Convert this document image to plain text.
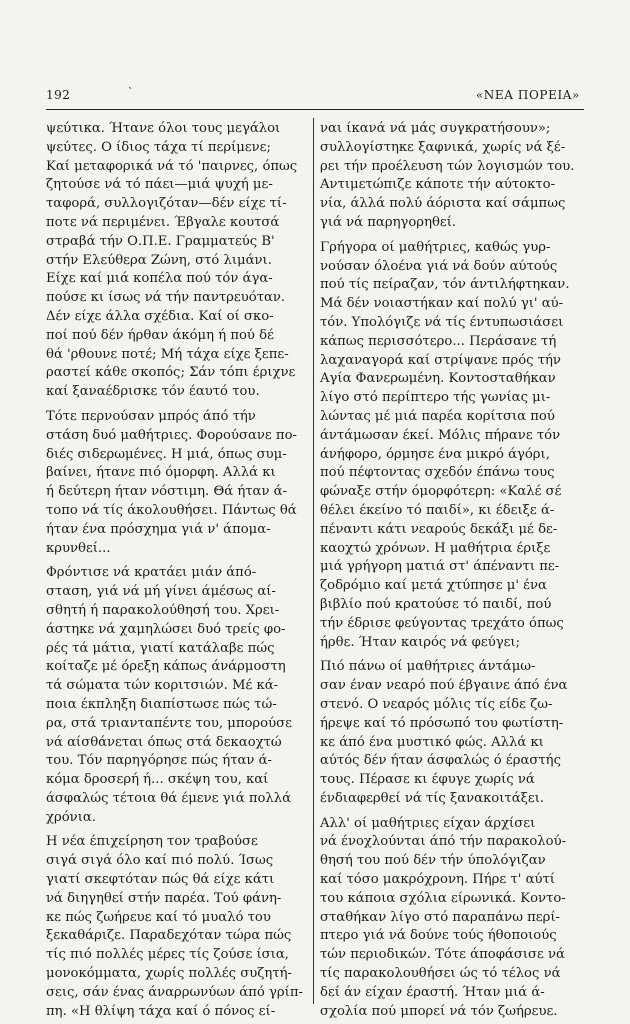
192	`	«ΝΕΑ ΠΟΡΕΙΑ»

ψεύτικα. Ήτανε όλοι τους μεγάλοι
ψεύτες. Ο ίδιος τάχα τί περίμενε;
Καί μεταφορικά νά τό 'παιρνες, όπως
ζητούσε νά τό πάει—μιά ψυχή με-
ταφορά, συλλογιζόταν—δέν είχε τί-
ποτε νά περιμένει. Έβγαλε κουτσά
στραβά τήν Ο.Π.Ε. Γραμματεύς Β'
στήν Ελεύθερα Ζώνη, στό λιμάνι.
Είχε καί μιά κοπέλα πού τόν άγα-
πούσε κι ίσως νά τήν παντρευόταν.
Δέν είχε άλλα σχέδια. Καί οί σκο-
ποί πού δέν ήρθαν άκόμη ή πού δέ
θά 'ρθουνε ποτέ; Μή τάχα είχε ξεπε-
ραστεί κάθε σκοπός; Σάν τόπι έριχνε
καί ξαναέδρισκε τόν έαυτό του.

Τότε περνούσαν μπρός άπό τήν
στάση δυό μαθήτριες. Φορούσανε πο-
διές σιδερωμένες. Η μιά, όπως συμ-
βαίνει, ήτανε πιό όμορφη. Αλλά κι
ή δεύτερη ήταν νόστιμη. Θά ήταν ά-
τοπο νά τίς άκολουθήσει. Πάντως θά
ήταν ένα πρόσχημα γιά ν' άπομα-
κρυνθεί...

Φρόντισε νά κρατάει μιάν άπό-
σταση, γιά νά μή γίνει άμέσως αί-
σθητή ή παρακολούθησή του. Χρει-
άστηκε νά χαμηλώσει δυό τρείς φο-
ρές τά μάτια, γιατί κατάλαβε πώς
κοίταζε μέ όρεξη κάπως άνάρμοστη
τά σώματα τών κοριτσιών. Μέ κά-
ποια έκπληξη διαπίστωσε πώς τώ-
ρα, στά τριανταπέντε του, μπορούσε
νά αίσθάνεται όπως στά δεκαοχτώ
του. Τόν παρηγόρησε πώς ήταν ά-
κόμα δροσερή ή... σκέψη του, καί
άσφαλώς τέτοια θά έμενε γιά πολλά
χρόνια.

Η νέα έπιχείρηση τον τραβούσε
σιγά σιγά όλο καί πιό πολύ. Ίσως
γιατί σκεφτόταν πώς θά είχε κάτι
νά διηγηθεί στήν παρέα. Τού φάνη-
κε πώς ζωήρευε καί τό μυαλό του
ξεκαθάριζε. Παραδεχόταν τώρα πώς
τίς πιό πολλές μέρες τίς ζούσε ίσια,
μονοκόμματα, χωρίς πολλές συζητή-
σεις, σάν ένας άναρρωνύων άπό γρίπ-
πη. «Η θλίψη τάχα καί ό πόνος εί-

ναι ίκανά νά μάς συγκρατήσουν»;
συλλογίστηκε ξαφνικά, χωρίς νά ξέ-
ρει τήν προέλευση τών λογισμών του.
Αντιμετώπιζε κάποτε τήν αύτοκτο-
νία, άλλά πολύ άόριστα καί σάμπως
γιά νά παρηγορηθεί.

Γρήγορα οί μαθήτριες, καθώς γυρ-
νούσαν όλοένα γιά νά δούν αύτούς
πού τίς πείραζαν, τόν άντιλήφτηκαν.
Μά δέν νοιαστήκαν καί πολύ γι' αύ-
τόν. Υπολόγιζε νά τίς έντυπωσιάσει
κάπως περισσότερο... Περάσανε τή
λαχαναγορά καί στρίψανε πρός τήν
Αγία Φανερωμένη. Κοντοσταθήκαν
λίγο στό περίπτερο τής γωνίας μι-
λώντας μέ μιά παρέα κορίτσια πού
άντάμωσαν έκεί. Μόλις πήρανε τόν
άνήφορο, όρμησε ένα μικρό άγόρι,
πού πέφτοντας σχεδόν έπάνω τους
φώναξε στήν όμορφότερη: «Καλέ σέ
θέλει έκείνο τό παιδί», κι έδειξε ά-
πέναντι κάτι νεαρούς δεκάξι μέ δε-
καοχτώ χρόνων. Η μαθήτρια έριξε
μιά γρήγορη ματιά στ' άπέναντι πε-
ζοδρόμιο καί μετά χτύπησε μ' ένα
βιβλίο πού κρατούσε τό παιδί, πού
τήν έδρισε φεύγοντας τρεχάτο όπως
ήρθε. Ήταν καιρός νά φεύγει;

Πιό πάνω οί μαθήτριες άντάμω-
σαν έναν νεαρό πού έβγαινε άπό ένα
στενό. Ο νεαρός μόλις τίς είδε ζω-
ήρεψε καί τό πρόσωπό του φωτίστη-
κε άπό ένα μυστικό φώς. Αλλά κι
αύτός δέν ήταν άσφαλώς ό έραστής
τους. Πέρασε κι έφυγε χωρίς νά
ένδιαφερθεί νά τίς ξανακοιτάξει.

Αλλ' οί μαθήτριες είχαν άρχίσει
νά ένοχλούνται άπό τήν παρακολού-
θησή του πού δέν τήν ύπολόγιζαν
καί τόσο μακρόχρονη. Πήρε τ' αύτί
του κάποια σχόλια είρωνικά. Κοντο-
σταθήκαν λίγο στό παραπάνω περί-
πτερο γιά νά δούνε τούς ήθοποιούς
τών περιοδικών. Τότε άποφάσισε νά
τίς παρακολουθήσει ώς τό τέλος νά
δεί άν είχαν έραστή. Ήταν μιά ά-
σχολία πού μπορεί νά τόν ζωήρευε.
